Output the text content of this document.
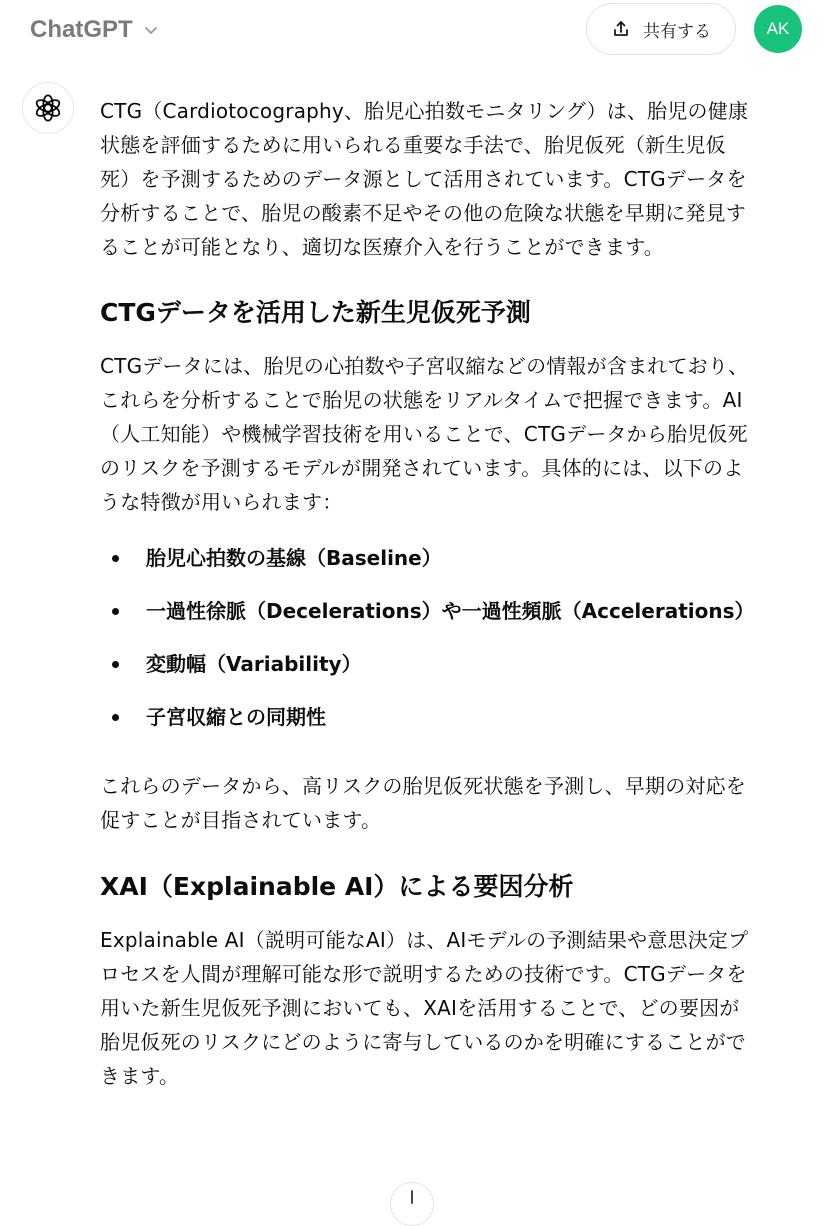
ChatGPT	共有する	AK
CTG（Cardiotocography、胎児心拍数モニタリング）は、胎児の健康
状態を評価するために用いられる重要な手法で、胎児仮死（新生児仮
死）を予測するためのデータ源として活用されています。CTGデータを
分析することで、胎児の酸素不足やその他の危険な状態を早期に発見す
ることが可能となり、適切な医療介入を行うことができます。
CTGデータを活用した新生児仮死予測
CTGデータには、胎児の心拍数や子宮収縮などの情報が含まれており、
これらを分析することで胎児の状態をリアルタイムで把握できます。AI
（人工知能）や機械学習技術を用いることで、CTGデータから胎児仮死
のリスクを予測するモデルが開発されています。具体的には、以下のよ
うな特徴が用いられます：
胎児心拍数の基線（Baseline）
一過性徐脈（Decelerations）や一過性頻脈（Accelerations）
変動幅（Variability）
子宮収縮との同期性
これらのデータから、高リスクの胎児仮死状態を予測し、早期の対応を
促すことが目指されています。
XAI（Explainable AI）による要因分析
Explainable AI（説明可能なAI）は、AIモデルの予測結果や意思決定プ
ロセスを人間が理解可能な形で説明するための技術です。CTGデータを
用いた新生児仮死予測においても、XAIを活用することで、どの要因が
胎児仮死のリスクにどのように寄与しているのかを明確にすることがで
きます。
